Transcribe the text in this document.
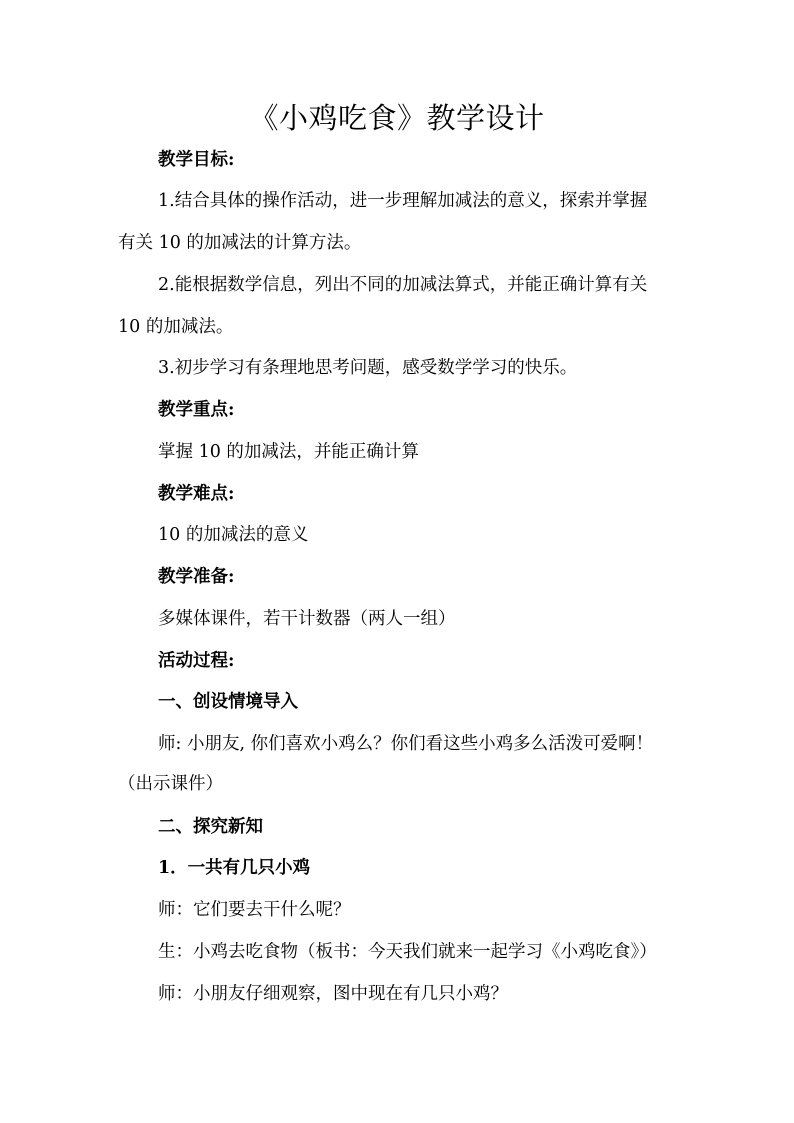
《小鸡吃食》教学设计

教学目标:

1.结合具体的操作活动，进一步理解加减法的意义，探索并掌握

有关 10 的加减法的计算方法。

2.能根据数学信息，列出不同的加减法算式，并能正确计算有关

10 的加减法。

3.初步学习有条理地思考问题，感受数学学习的快乐。

教学重点:

掌握 10 的加减法，并能正确计算

教学难点:

10 的加减法的意义

教学准备:

多媒体课件，若干计数器（两人一组）

活动过程:

一、创设情境导入

师: 小朋友, 你们喜欢小鸡么？你们看这些小鸡多么活泼可爱啊！

（出示课件）

二、探究新知

1．一共有几只小鸡

师：它们要去干什么呢？

生：小鸡去吃食物（板书：今天我们就来一起学习《小鸡吃食》）

师：小朋友仔细观察，图中现在有几只小鸡？
